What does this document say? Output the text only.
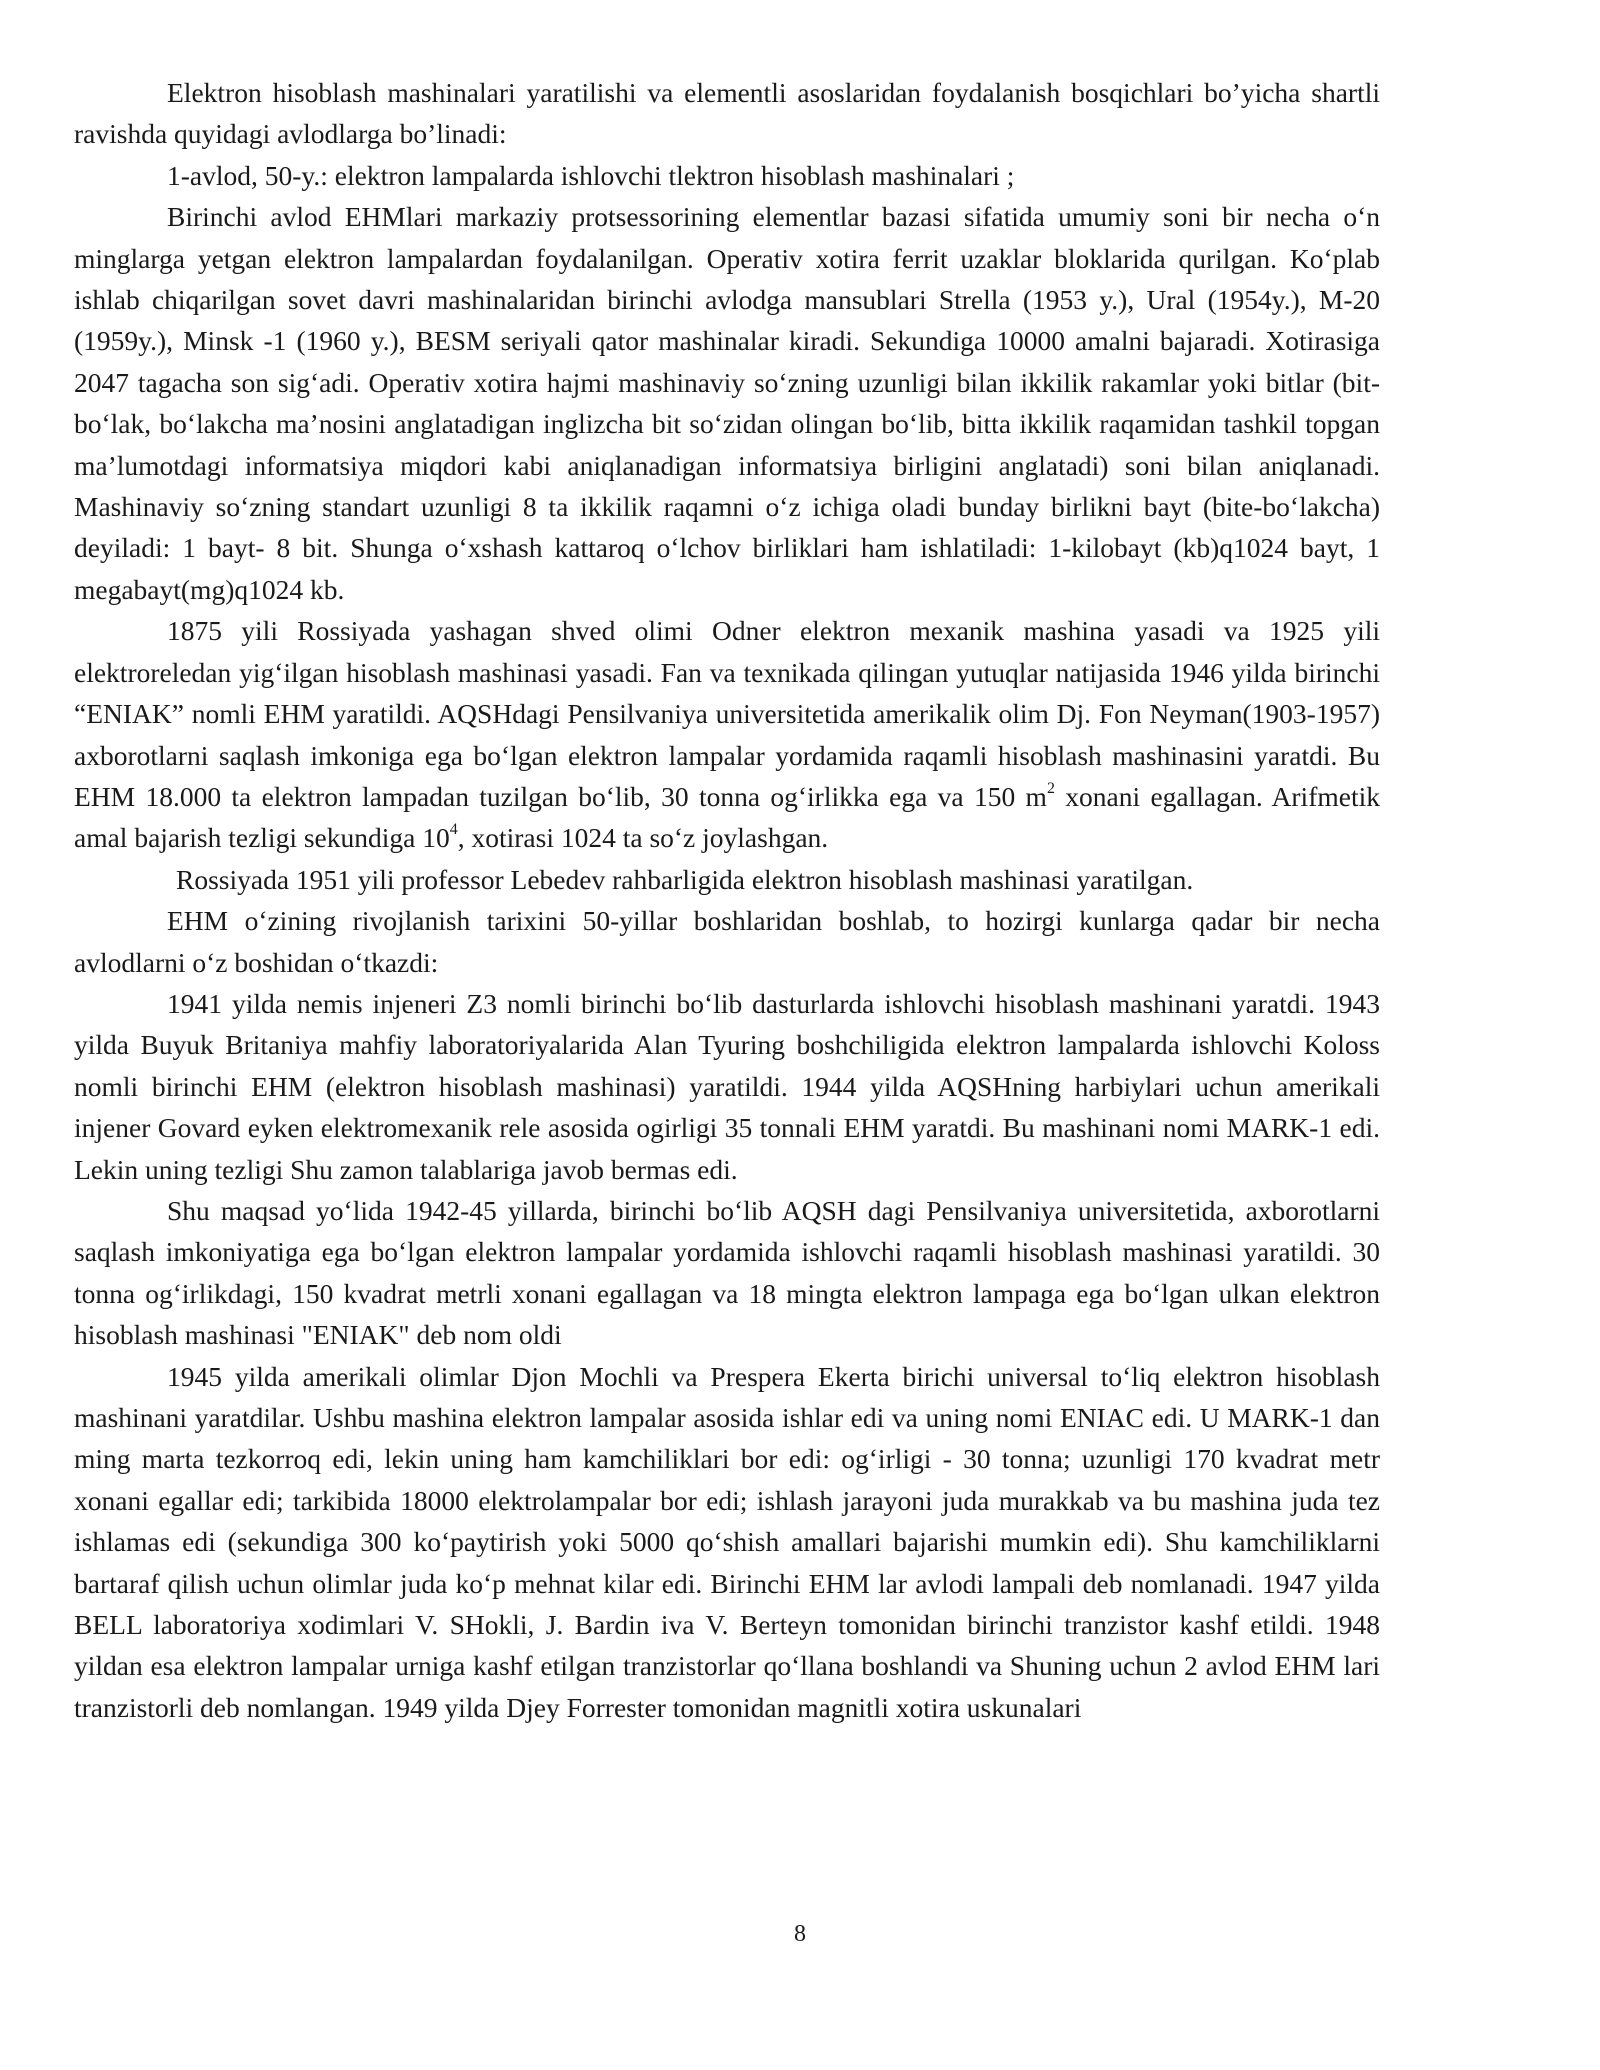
Elektron hisoblash mashinalari yaratilishi va elementli asoslaridan foydalanish bosqichlari bo’yicha shartli ravishda quyidagi avlodlarga bo’linadi:

1-avlod, 50-y.: elektron lampalarda ishlovchi tlektron hisoblash mashinalari ;

Birinchi avlod EHMlari markaziy protsessorining elementlar bazasi sifatida umumiy soni bir necha o‘n minglarga yetgan elektron lampalardan foydalanilgan. Operativ xotira ferrit uzaklar bloklarida qurilgan. Ko‘plab ishlab chiqarilgan sovet davri mashinalaridan birinchi avlodga mansublari Strella (1953 y.), Ural (1954y.), M-20 (1959y.), Minsk -1 (1960 y.), BESM seriyali qator mashinalar kiradi. Sekundiga 10000 amalni bajaradi. Xotirasiga 2047 tagacha son sig‘adi. Operativ xotira hajmi mashinaviy so‘zning uzunligi bilan ikkilik rakamlar yoki bitlar (bit-bo‘lak, bo‘lakcha ma’nosini anglatadigan inglizcha bit so‘zidan olingan bo‘lib, bitta ikkilik raqamidan tashkil topgan ma’lumotdagi informatsiya miqdori kabi aniqlanadigan informatsiya birligini anglatadi) soni bilan aniqlanadi. Mashinaviy so‘zning standart uzunligi 8 ta ikkilik raqamni o‘z ichiga oladi bunday birlikni bayt (bite-bo‘lakcha) deyiladi: 1 bayt- 8 bit. Shunga o‘xshash kattaroq o‘lchov birliklari ham ishlatiladi: 1-kilobayt (kb)q1024 bayt, 1 megabayt(mg)q1024 kb.

1875 yili Rossiyada yashagan shved olimi Odner elektron mexanik mashina yasadi va 1925 yili elektroreledan yig‘ilgan hisoblash mashinasi yasadi. Fan va texnikada qilingan yutuqlar natijasida 1946 yilda birinchi “ENIAK” nomli EHM yaratildi. AQSHdagi Pensilvaniya universitetida amerikalik olim Dj. Fon Neyman(1903-1957) axborotlarni saqlash imkoniga ega bo‘lgan elektron lampalar yordamida raqamli hisoblash mashinasini yaratdi. Bu EHM 18.000 ta elektron lampadan tuzilgan bo‘lib, 30 tonna og‘irlikka ega va 150 $m^2$ xonani egallagan. Arifmetik amal bajarish tezligi sekundiga $10^4$, xotirasi 1024 ta so‘z joylashgan.

Rossiyada 1951 yili professor Lebedev rahbarligida elektron hisoblash mashinasi yaratilgan.

EHM o‘zining rivojlanish tarixini 50-yillar boshlaridan boshlab, to hozirgi kunlarga qadar bir necha avlodlarni o‘z boshidan o‘tkazdi:

1941 yilda nemis injeneri Z3 nomli birinchi bo‘lib dasturlarda ishlovchi hisoblash mashinani yaratdi. 1943 yilda Buyuk Britaniya mahfiy laboratoriyalarida Alan Tyuring boshchiligida elektron lampalarda ishlovchi Koloss nomli birinchi EHM (elektron hisoblash mashinasi) yaratildi. 1944 yilda AQSHning harbiylari uchun amerikali injener Govard eyken elektromexanik rele asosida ogirligi 35 tonnali EHM yaratdi. Bu mashinani nomi MARK-1 edi. Lekin uning tezligi Shu zamon talablariga javob bermas edi.

Shu maqsad yo‘lida 1942-45 yillarda, birinchi bo‘lib AQSH dagi Pensilvaniya universitetida, axborotlarni saqlash imkoniyatiga ega bo‘lgan elektron lampalar yordamida ishlovchi raqamli hisoblash mashinasi yaratildi. 30 tonna og‘irlikdagi, 150 kvadrat metrli xonani egallagan va 18 mingta elektron lampaga ega bo‘lgan ulkan elektron hisoblash mashinasi "ENIAK" deb nom oldi

1945 yilda amerikali olimlar Djon Mochli va Prespera Ekerta birichi universal to‘liq elektron hisoblash mashinani yaratdilar. Ushbu mashina elektron lampalar asosida ishlar edi va uning nomi ENIAC edi. U MARK-1 dan ming marta tezkorroq edi, lekin uning ham kamchiliklari bor edi: og‘irligi - 30 tonna; uzunligi 170 kvadrat metr xonani egallar edi; tarkibida 18000 elektrolampalar bor edi; ishlash jarayoni juda murakkab va bu mashina juda tez ishlamas edi (sekundiga 300 ko‘paytirish yoki 5000 qo‘shish amallari bajarishi mumkin edi). Shu kamchiliklarni bartaraf qilish uchun olimlar juda ko‘p mehnat kilar edi. Birinchi EHM lar avlodi lampali deb nomlanadi. 1947 yilda BELL laboratoriya xodimlari V. SHokli, J. Bardin iva V. Berteyn tomonidan birinchi tranzistor kashf etildi. 1948 yildan esa elektron lampalar urniga kashf etilgan tranzistorlar qo‘llana boshlandi va Shuning uchun 2 avlod EHM lari tranzistorli deb nomlangan. 1949 yilda Djey Forrester tomonidan magnitli xotira uskunalari

8
